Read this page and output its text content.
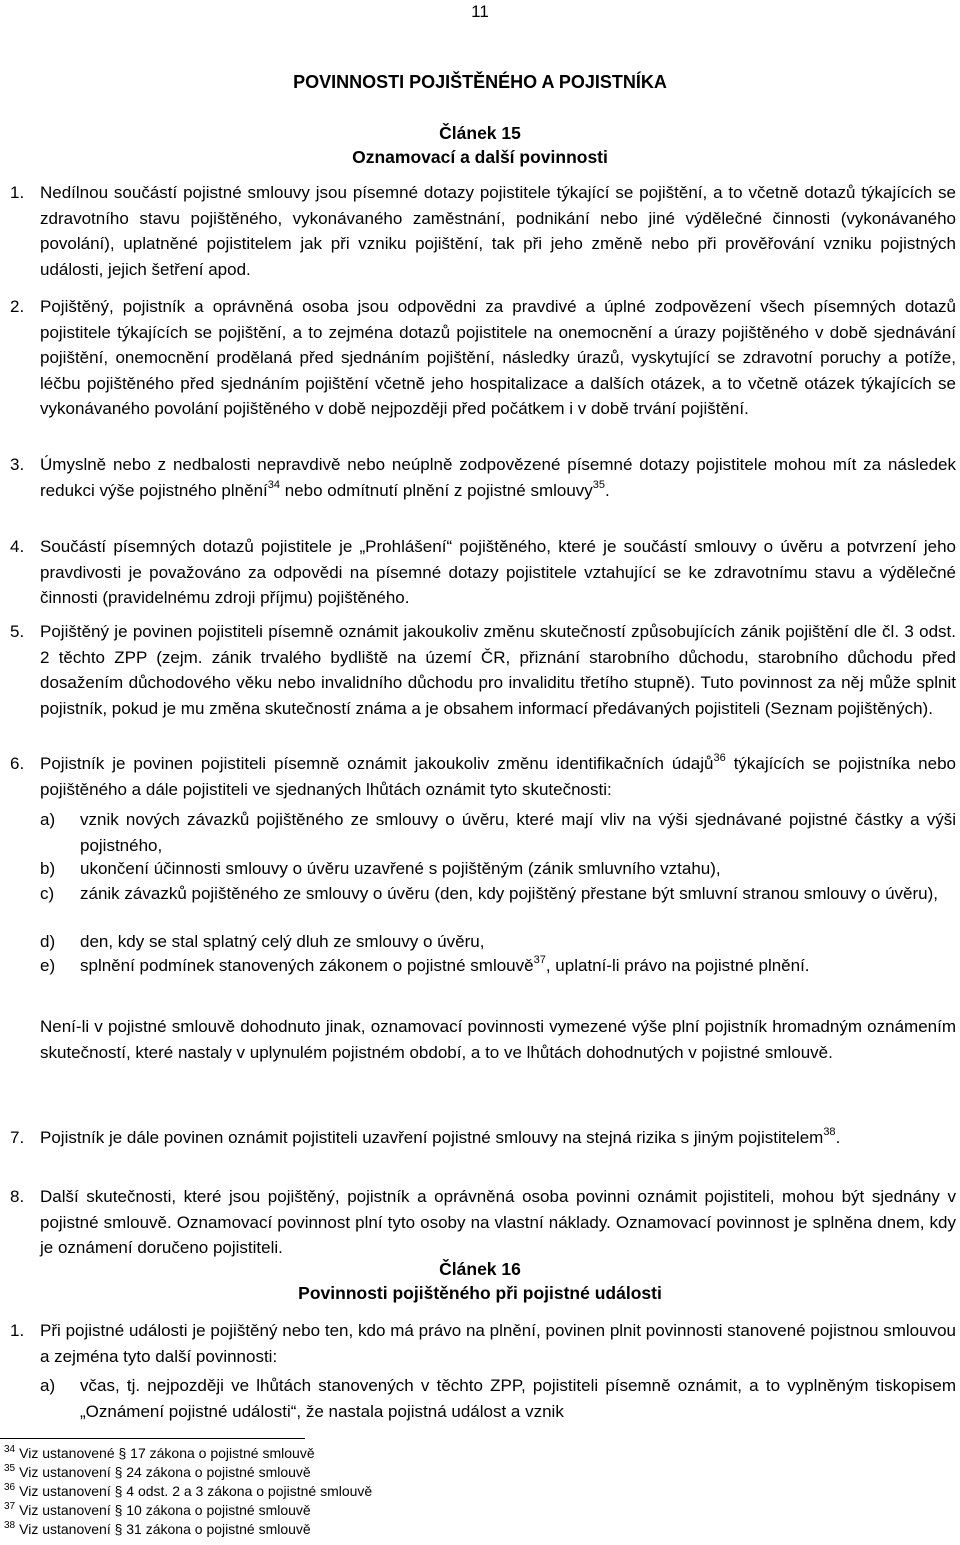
11
POVINNOSTI POJIŠTĚNÉHO A POJISTNÍKA
Článek 15
Oznamovací a další povinnosti
1. Nedílnou součástí pojistné smlouvy jsou písemné dotazy pojistitele týkající se pojištění, a to včetně dotazů týkajících se zdravotního stavu pojištěného, vykonávaného zaměstnání, podnikání nebo jiné výdělečné činnosti (vykonávaného povolání), uplatněné pojistitelem jak při vzniku pojištění, tak při jeho změně nebo při prověřování vzniku pojistných události, jejich šetření apod.
2. Pojištěný, pojistník a oprávněná osoba jsou odpovědni za pravdivé a úplné zodpovězení všech písemných dotazů pojistitele týkajících se pojištění, a to zejména dotazů pojistitele na onemocnění a úrazy pojištěného v době sjednávání pojištění, onemocnění prodělaná před sjednáním pojištění, následky úrazů, vyskytující se zdravotní poruchy a potíže, léčbu pojištěného před sjednáním pojištění včetně jeho hospitalizace a dalších otázek, a to včetně otázek týkajících se vykonávaného povolání pojištěného v době nejpozději před počátkem i v době trvání pojištění.
3. Úmyslně nebo z nedbalosti nepravdivě nebo neúplně zodpovězené písemné dotazy pojistitele mohou mít za následek redukci výše pojistného plnění$^{34}$ nebo odmítnutí plnění z pojistné smlouvy$^{35}$.
4. Součástí písemných dotazů pojistitele je „Prohlášení“ pojištěného, které je součástí smlouvy o úvěru a potvrzení jeho pravdivosti je považováno za odpovědi na písemné dotazy pojistitele vztahující se ke zdravotnímu stavu a výdělečné činnosti (pravidelnému zdroji příjmu) pojištěného.
5. Pojištěný je povinen pojistiteli písemně oznámit jakoukoliv změnu skutečností způsobujících zánik pojištění dle čl. 3 odst. 2 těchto ZPP (zejm. zánik trvalého bydliště na území ČR, přiznání starobního důchodu, starobního důchodu před dosažením důchodového věku nebo invalidního důchodu pro invaliditu třetího stupně). Tuto povinnost za něj může splnit pojistník, pokud je mu změna skutečností známa a je obsahem informací předávaných pojistiteli (Seznam pojištěných).
6. Pojistník je povinen pojistiteli písemně oznámit jakoukoliv změnu identifikačních údajů$^{36}$ týkajících se pojistníka nebo pojištěného a dále pojistiteli ve sjednaných lhůtách oznámit tyto skutečnosti:
a) vznik nových závazků pojištěného ze smlouvy o úvěru, které mají vliv na výši sjednávané pojistné částky a výši pojistného,
b) ukončení účinnosti smlouvy o úvěru uzavřené s pojištěným (zánik smluvního vztahu),
c) zánik závazků pojištěného ze smlouvy o úvěru (den, kdy pojištěný přestane být smluvní stranou smlouvy o úvěru),
d) den, kdy se stal splatný celý dluh ze smlouvy o úvěru,
e) splnění podmínek stanovených zákonem o pojistné smlouvě$^{37}$, uplatní-li právo na pojistné plnění.
Není-li v pojistné smlouvě dohodnuto jinak, oznamovací povinnosti vymezené výše plní pojistník hromadným oznámením skutečností, které nastaly v uplynulém pojistném období, a to ve lhůtách dohodnutých v pojistné smlouvě.
7. Pojistník je dále povinen oznámit pojistiteli uzavření pojistné smlouvy na stejná rizika s jiným pojistitelem$^{38}$.
8. Další skutečnosti, které jsou pojištěný, pojistník a oprávněná osoba povinni oznámit pojistiteli, mohou být sjednány v pojistné smlouvě. Oznamovací povinnost plní tyto osoby na vlastní náklady. Oznamovací povinnost je splněna dnem, kdy je oznámení doručeno pojistiteli.
Článek 16
Povinnosti pojištěného při pojistné události
1. Při pojistné události je pojištěný nebo ten, kdo má právo na plnění, povinen plnit povinnosti stanovené pojistnou smlouvou a zejména tyto další povinnosti:
a) včas, tj. nejpozději ve lhůtách stanovených v těchto ZPP, pojistiteli písemně oznámit, a to vyplněným tiskopisem „Oznámení pojistné události“, že nastala pojistná událost a vznik
$^{34}$ Viz ustanovené § 17 zákona o pojistné smlouvě
$^{35}$ Viz ustanovení § 24 zákona o pojistné smlouvě
$^{36}$ Viz ustanovení § 4 odst. 2 a 3 zákona o pojistné smlouvě
$^{37}$ Viz ustanovení § 10 zákona o pojistné smlouvě
$^{38}$ Viz ustanovení § 31 zákona o pojistné smlouvě
